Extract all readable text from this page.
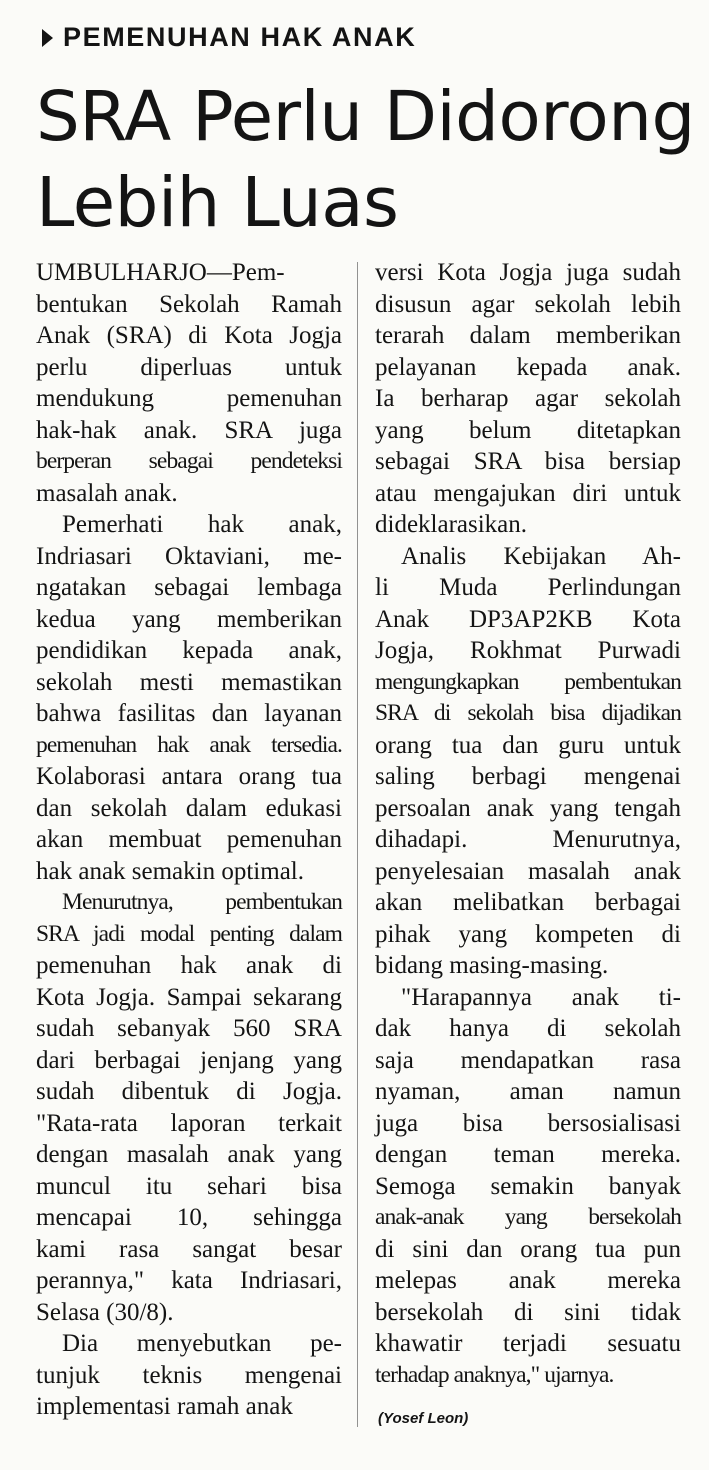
PEMENUHAN HAK ANAK
SRA Perlu Didorong
Lebih Luas

UMBULHARJO—Pem-
bentukan Sekolah Ramah
Anak (SRA) di Kota Jogja
perlu diperluas untuk
mendukung pemenuhan
hak-hak anak. SRA juga
berperan sebagai pendeteksi
masalah anak.

Pemerhati hak anak,
Indriasari Oktaviani, me-
ngatakan sebagai lembaga
kedua yang memberikan
pendidikan kepada anak,
sekolah mesti memastikan
bahwa fasilitas dan layanan
pemenuhan hak anak tersedia.
Kolaborasi antara orang tua
dan sekolah dalam edukasi
akan membuat pemenuhan
hak anak semakin optimal.

Menurutnya, pembentukan
SRA jadi modal penting dalam
pemenuhan hak anak di
Kota Jogja. Sampai sekarang
sudah sebanyak 560 SRA
dari berbagai jenjang yang
sudah dibentuk di Jogja.
"Rata-rata laporan terkait
dengan masalah anak yang
muncul itu sehari bisa
mencapai 10, sehingga
kami rasa sangat besar
perannya," kata Indriasari,
Selasa (30/8).

Dia menyebutkan pe-
tunjuk teknis mengenai
implementasi ramah anak

versi Kota Jogja juga sudah
disusun agar sekolah lebih
terarah dalam memberikan
pelayanan kepada anak.
Ia berharap agar sekolah
yang belum ditetapkan
sebagai SRA bisa bersiap
atau mengajukan diri untuk
dideklarasikan.

Analis Kebijakan Ah-
li Muda Perlindungan
Anak DP3AP2KB Kota
Jogja, Rokhmat Purwadi
mengungkapkan pembentukan
SRA di sekolah bisa dijadikan
orang tua dan guru untuk
saling berbagi mengenai
persoalan anak yang tengah
dihadapi. Menurutnya,
penyelesaian masalah anak
akan melibatkan berbagai
pihak yang kompeten di
bidang masing-masing.

"Harapannya anak ti-
dak hanya di sekolah
saja mendapatkan rasa
nyaman, aman namun
juga bisa bersosialisasi
dengan teman mereka.
Semoga semakin banyak
anak-anak yang bersekolah
di sini dan orang tua pun
melepas anak mereka
bersekolah di sini tidak
khawatir terjadi sesuatu
terhadap anaknya," ujarnya.

(Yosef Leon)
